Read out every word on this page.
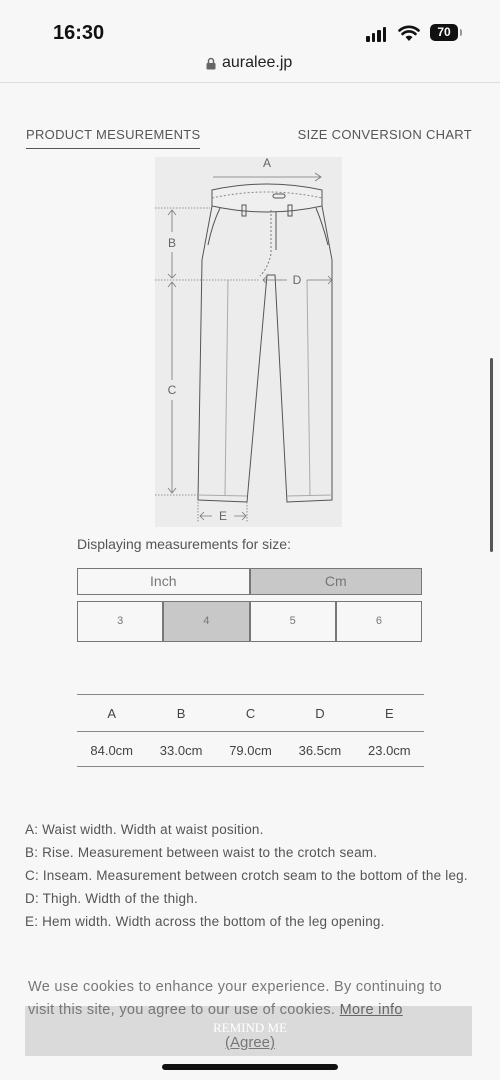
16:30	70
auralee.jp
PRODUCT MESUREMENTS	SIZE CONVERSION CHART
A
B
C
D
E
Displaying measurements for size:
Inch	Cm
3	4	5	6
A	B	C	D	E
84.0cm	33.0cm	79.0cm	36.5cm	23.0cm

A: Waist width. Width at waist position.

B: Rise. Measurement between waist to the crotch seam.

C: Inseam. Measurement between crotch seam to the bottom of the leg.

D: Thigh. Width of the thigh.

E: Hem width. Width across the bottom of the leg opening.

We use cookies to enhance your experience. By continuing to visit this site, you agree to our use of cookies. More info
REMIND ME
(Agree)
